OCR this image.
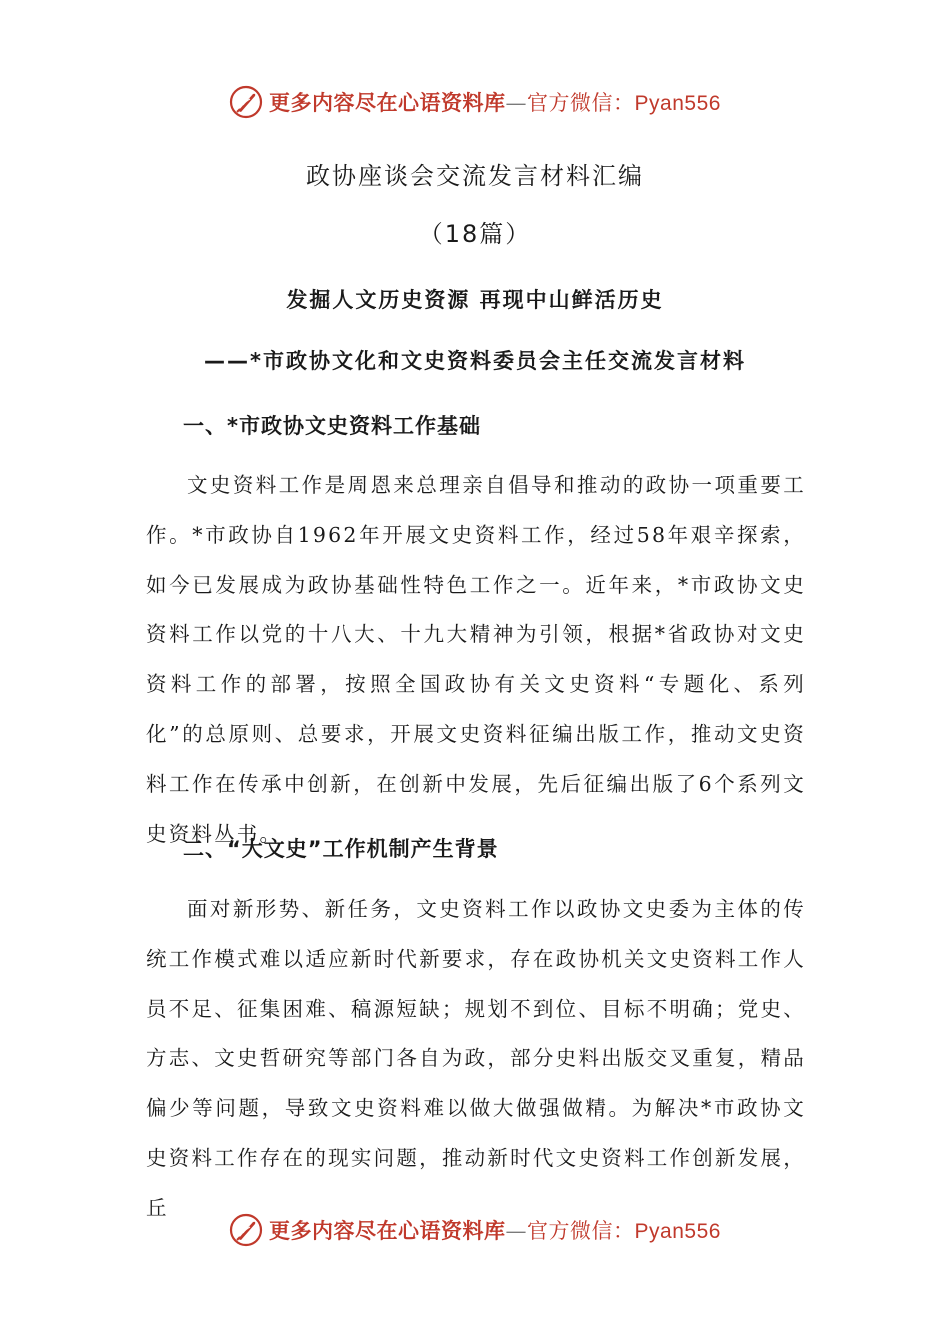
更多内容尽在心语资料库—官方微信：Pyan556
政协座谈会交流发言材料汇编
（18篇）
发掘人文历史资源 再现中山鲜活历史
——*市政协文化和文史资料委员会主任交流发言材料
一、*市政协文史资料工作基础

文史资料工作是周恩来总理亲自倡导和推动的政协一项重要工作。*市政协自1962年开展文史资料工作，经过58年艰辛探索，如今已发展成为政协基础性特色工作之一。近年来，*市政协文史资料工作以党的十八大、十九大精神为引领，根据*省政协对文史资料工作的部署，按照全国政协有关文史资料“专题化、系列化”的总原则、总要求，开展文史资料征编出版工作，推动文史资料工作在传承中创新，在创新中发展，先后征编出版了6个系列文史资料丛书。

二、“大文史”工作机制产生背景

面对新形势、新任务，文史资料工作以政协文史委为主体的传统工作模式难以适应新时代新要求，存在政协机关文史资料工作人员不足、征集困难、稿源短缺；规划不到位、目标不明确；党史、方志、文史哲研究等部门各自为政，部分史料出版交叉重复，精品偏少等问题，导致文史资料难以做大做强做精。为解决*市政协文史资料工作存在的现实问题，推动新时代文史资料工作创新发展，丘

更多内容尽在心语资料库—官方微信：Pyan556
